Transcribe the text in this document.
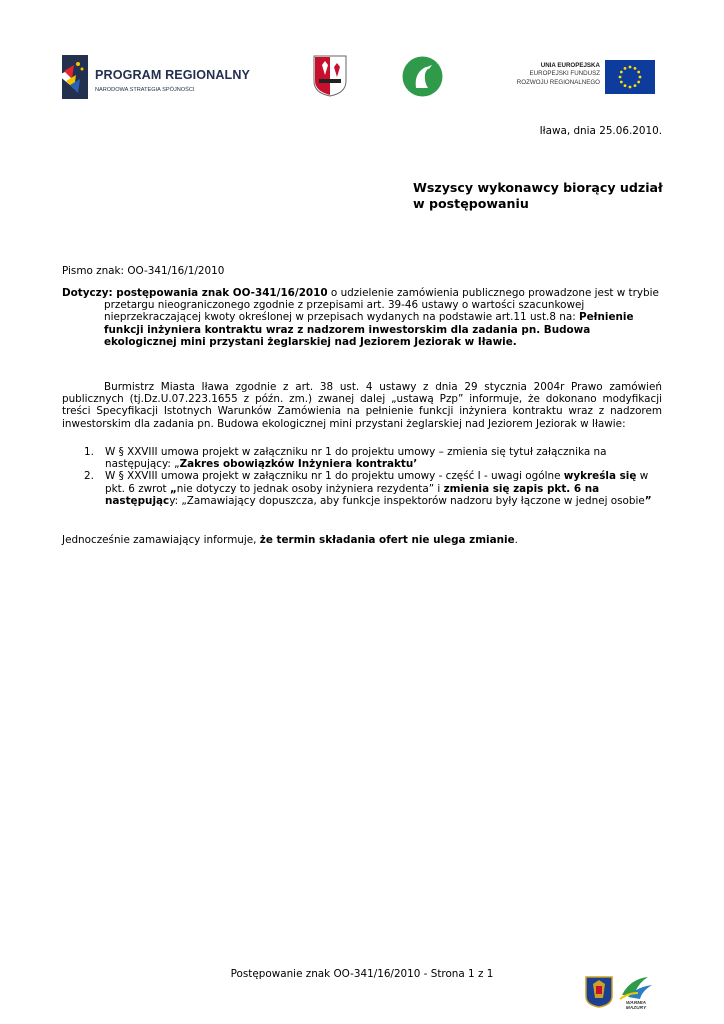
PROGRAM REGIONALNY
NARODOWA STRATEGIA SPÓJNOŚCI
UNIA EUROPEJSKA
EUROPEJSKI FUNDUSZ
ROZWOJU REGIONALNEGO
Iława, dnia 25.06.2010.
Wszyscy wykonawcy biorący udział w postępowaniu
Pismo znak: OO-341/16/1/2010
Dotyczy: postępowania znak OO-341/16/2010 o udzielenie zamówienia publicznego prowadzone jest w trybie
przetargu nieograniczonego zgodnie z przepisami art. 39-46 ustawy o wartości szacunkowej nieprzekraczającej kwoty określonej w przepisach wydanych na podstawie art.11 ust.8 na: Pełnienie funkcji inżyniera kontraktu wraz z nadzorem inwestorskim dla zadania pn. Budowa ekologicznej mini przystani żeglarskiej nad Jeziorem Jeziorak w Iławie.
Burmistrz Miasta Iława zgodnie z art. 38 ust. 4 ustawy z dnia 29 stycznia 2004r Prawo zamówień publicznych (tj.Dz.U.07.223.1655 z późn. zm.) zwanej dalej „ustawą Pzp” informuje, że dokonano modyfikacji treści Specyfikacji Istotnych Warunków Zamówienia na pełnienie funkcji inżyniera kontraktu wraz z nadzorem inwestorskim dla zadania pn. Budowa ekologicznej mini przystani żeglarskiej nad Jeziorem Jeziorak w Iławie:
1. W § XXVIII umowa projekt w załączniku nr 1 do projektu umowy – zmienia się tytuł załącznika na następujący: „Zakres obowiązków Inżyniera kontraktu’
2. W § XXVIII umowa projekt w załączniku nr 1 do projektu umowy - część I - uwagi ogólne wykreśla się w pkt. 6 zwrot „nie dotyczy to jednak osoby inżyniera rezydenta” i zmienia się zapis pkt. 6 na następujący: „Zamawiający dopuszcza, aby funkcje inspektorów nadzoru były łączone w jednej osobie”
Jednocześnie zamawiający informuje, że termin składania ofert nie ulega zmianie.
Postępowanie znak OO-341/16/2010 - Strona 1 z 1
WARMIA MAZURY
